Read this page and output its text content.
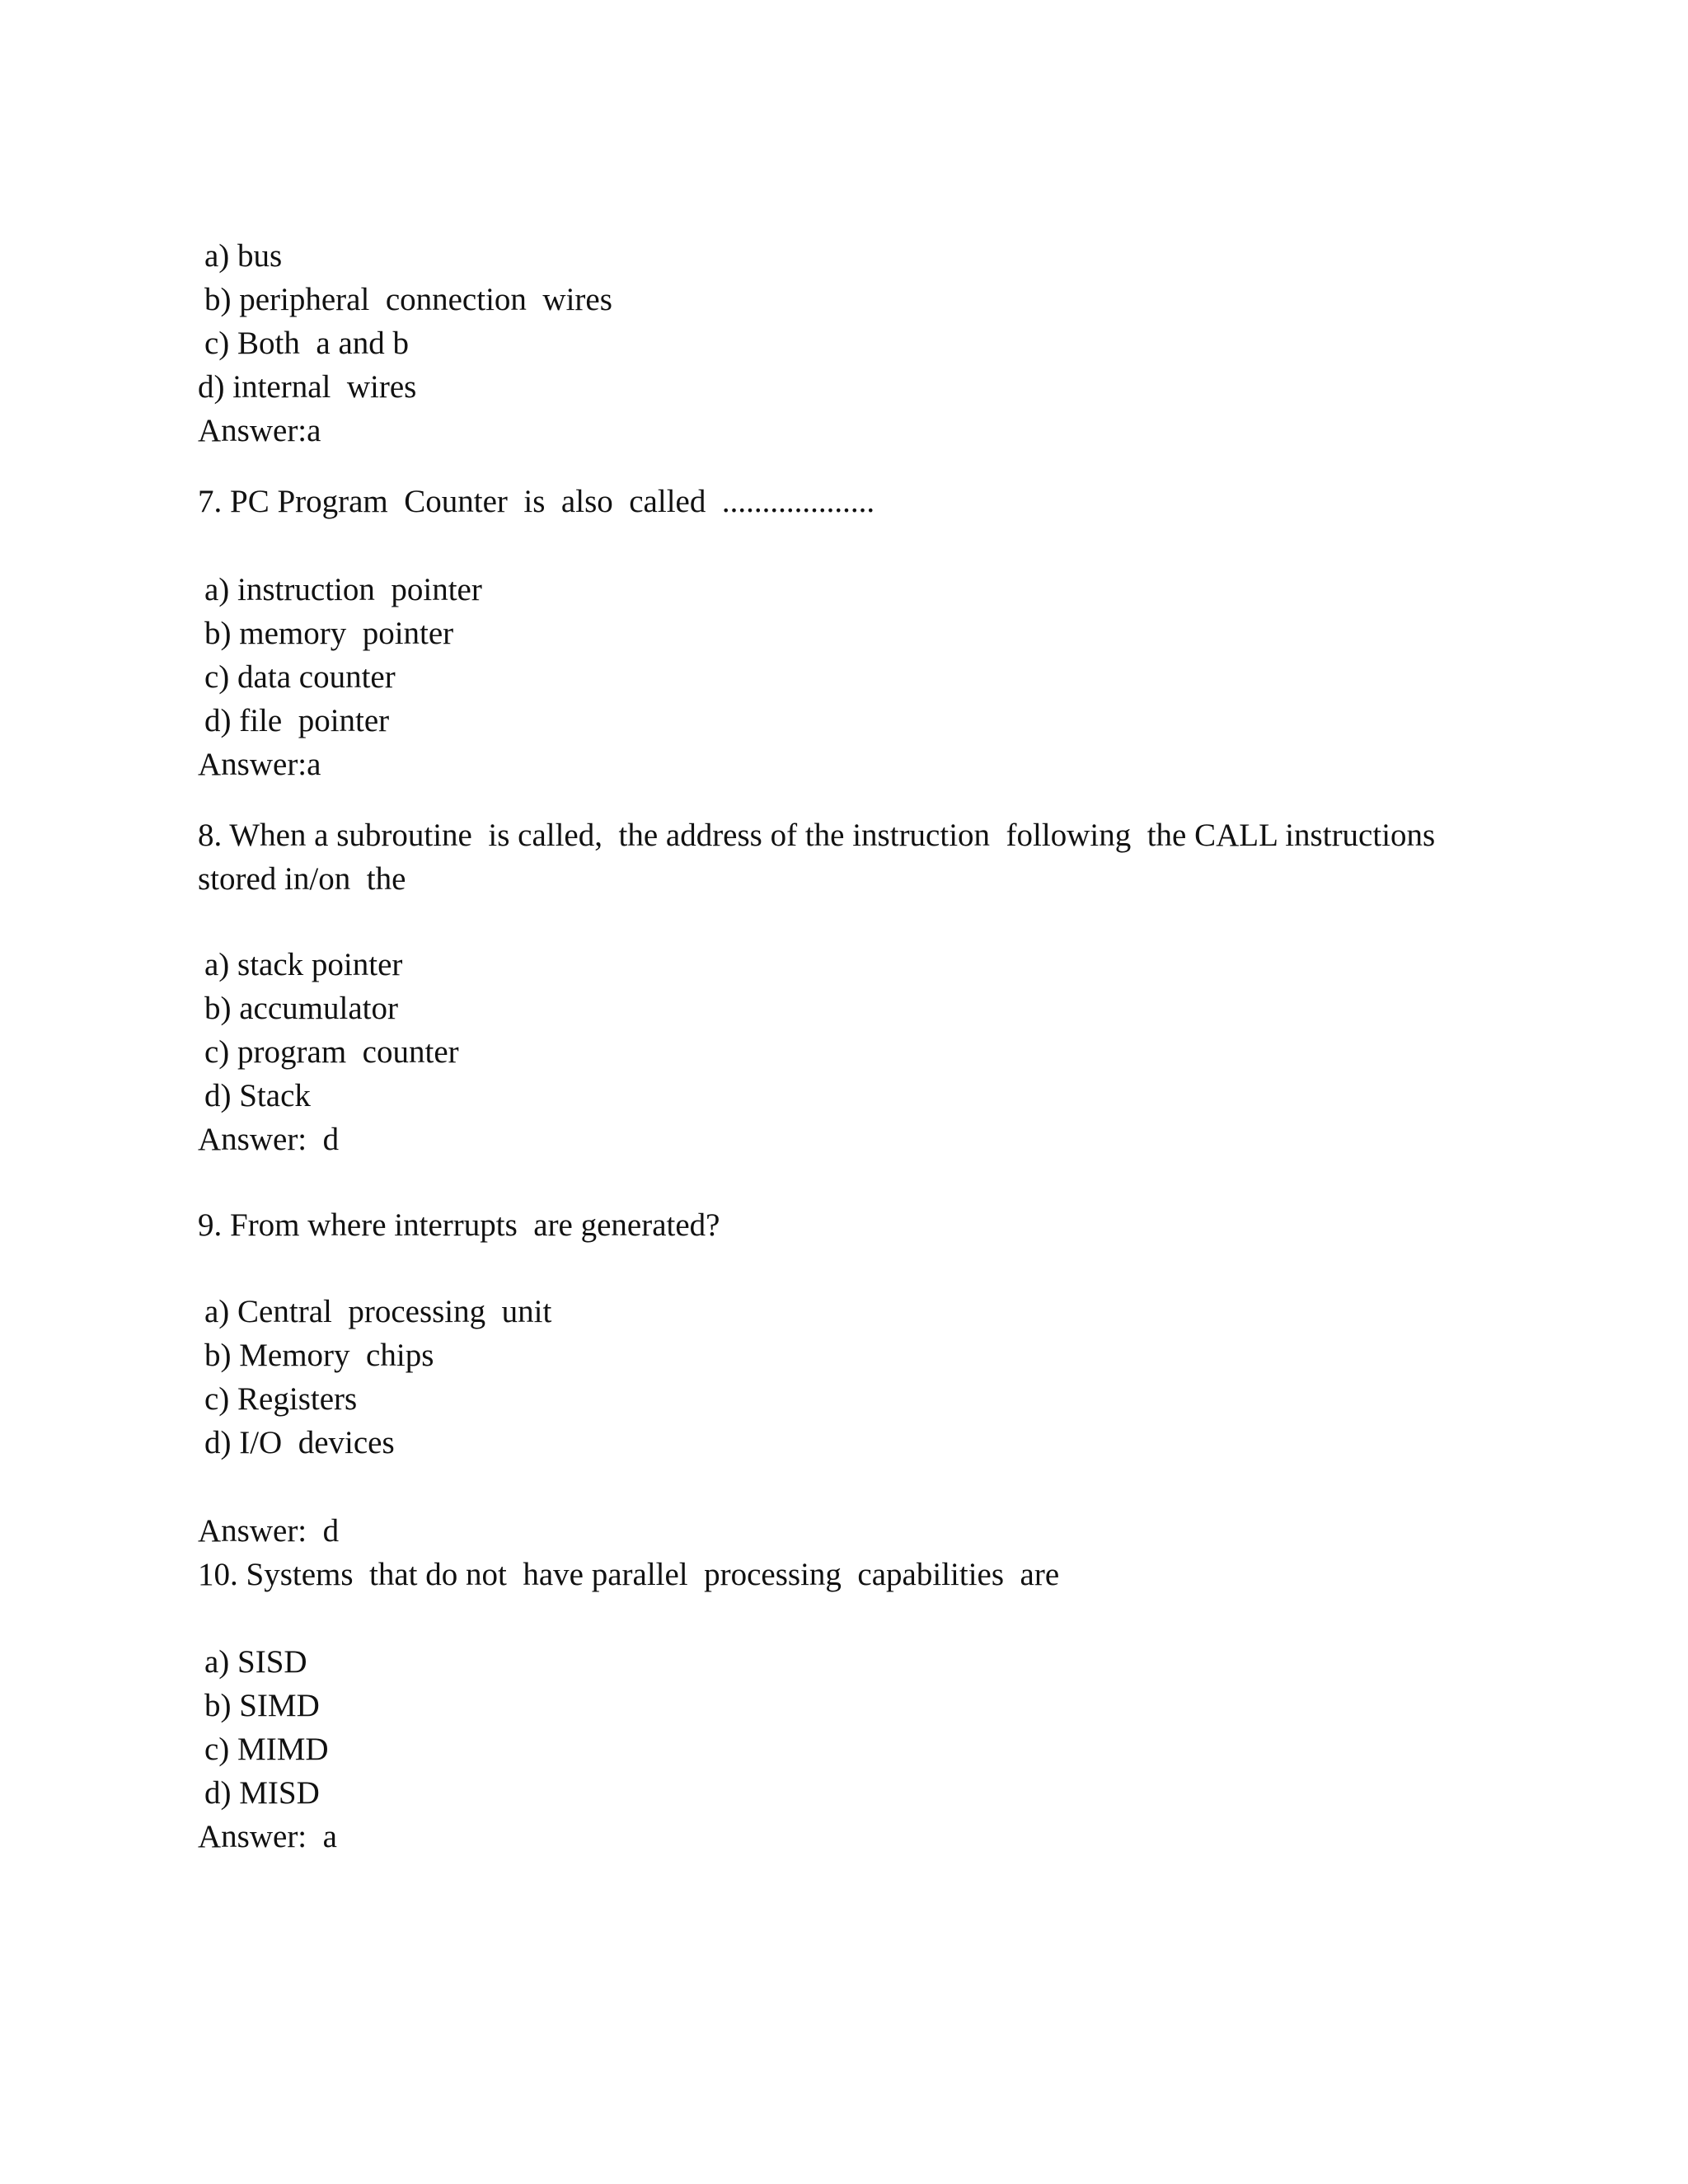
a) bus
b) peripheral  connection  wires
c) Both  a and b
d) internal  wires
Answer:a
7. PC Program  Counter  is  also  called  ...................
a) instruction  pointer
b) memory  pointer
c) data counter
d) file  pointer
Answer:a
8. When a subroutine  is called,  the address of the instruction  following  the CALL instructions
stored in/on  the
a) stack pointer
b) accumulator
c) program  counter
d) Stack
Answer:  d
9. From where interrupts  are generated?
a) Central  processing  unit
b) Memory  chips
c) Registers
d) I/O  devices
Answer:  d
10. Systems  that do not  have parallel  processing  capabilities  are
a) SISD
b) SIMD
c) MIMD
d) MISD
Answer:  a
